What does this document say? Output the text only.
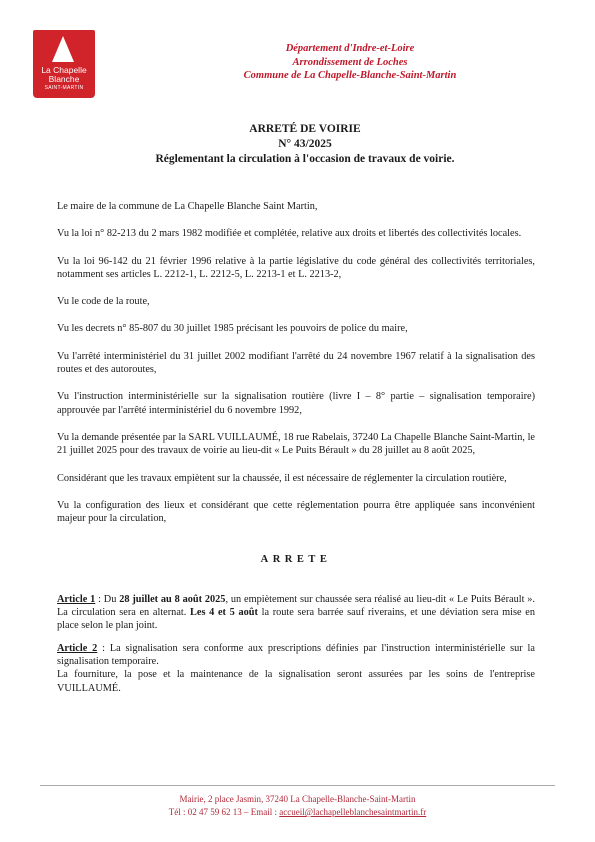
La Chapelle
Blanche
SAINT-MARTIN
Département d'Indre-et-Loire
Arrondissement de Loches
Commune de La Chapelle-Blanche-Saint-Martin
ARRETÉ DE VOIRIE
N° 43/2025
Réglementant la circulation à l'occasion de travaux de voirie.

Le maire de la commune de La Chapelle Blanche Saint Martin,

Vu la loi n° 82-213 du 2 mars 1982 modifiée et complétée, relative aux droits et libertés des collectivités locales.

Vu la loi 96-142 du 21 février 1996 relative à la partie législative du code général des collectivités territoriales, notamment ses articles L. 2212-1, L. 2212-5, L. 2213-1 et L. 2213-2,

Vu le code de la route,

Vu les decrets n° 85-807 du 30 juillet 1985 précisant les pouvoirs de police du maire,

Vu l'arrêté interministériel du 31 juillet 2002 modifiant l'arrêté du 24 novembre 1967 relatif à la signalisation des routes et des autoroutes,

Vu l'instruction interministérielle sur la signalisation routière (livre I – 8° partie – signalisation temporaire) approuvée par l'arrêté interministériel du 6 novembre 1992,

Vu la demande présentée par la SARL VUILLAUMÉ, 18 rue Rabelais, 37240 La Chapelle Blanche Saint-Martin, le 21 juillet 2025 pour des travaux de voirie au lieu-dit « Le Puits Bérault » du 28 juillet au 8 août 2025,

Considérant que les travaux empiètent sur la chaussée, il est nécessaire de réglementer la circulation routière,

Vu la configuration des lieux et considérant que cette réglementation pourra être appliquée sans inconvénient majeur pour la circulation,

ARRETE

Article 1 : Du 28 juillet au 8 août 2025, un empiètement sur chaussée sera réalisé au lieu-dit « Le Puits Bérault ». La circulation sera en alternat. Les 4 et 5 août la route sera barrée sauf riverains, et une déviation sera mise en place selon le plan joint.

Article 2 : La signalisation sera conforme aux prescriptions définies par l'instruction interministérielle sur la signalisation temporaire.
La fourniture, la pose et la maintenance de la signalisation seront assurées par les soins de l'entreprise VUILLAUMÉ.

Mairie, 2 place Jasmin, 37240 La Chapelle-Blanche-Saint-Martin
Tél : 02 47 59 62 13 – Email : accueil@lachapelleblanchesaintmartin.fr
